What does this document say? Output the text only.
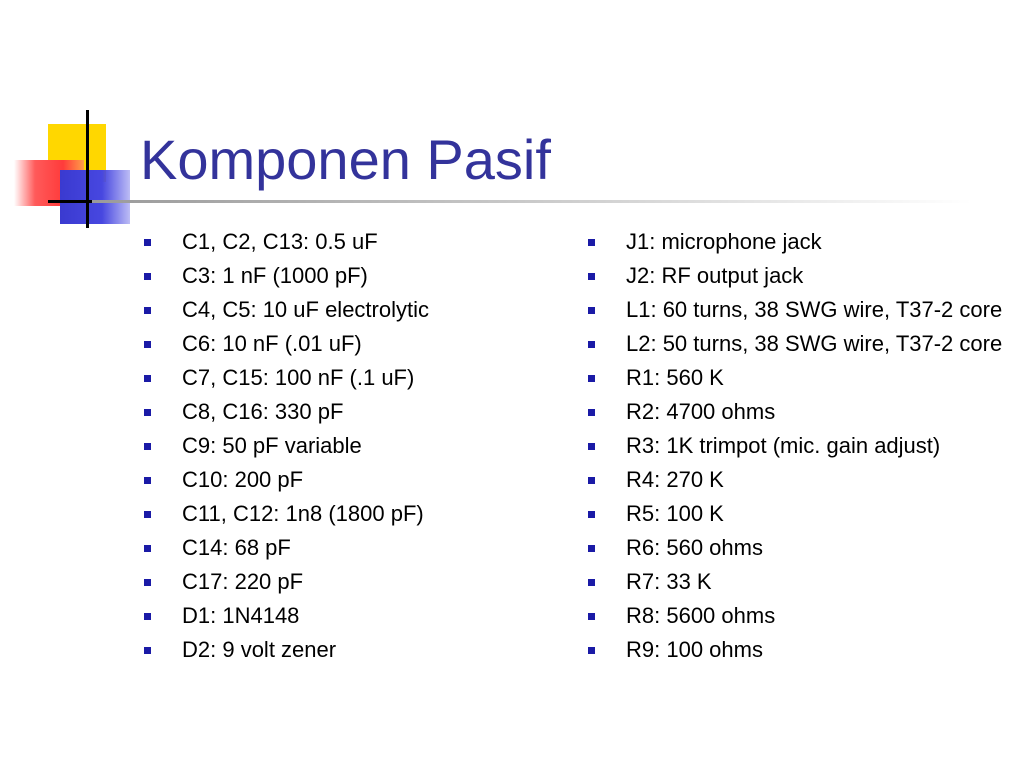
Komponen Pasif
C1, C2, C13: 0.5 uF
C3: 1 nF (1000 pF)
C4, C5: 10 uF electrolytic
C6: 10 nF (.01 uF)
C7, C15: 100 nF (.1 uF)
C8, C16: 330 pF
C9: 50 pF variable
C10: 200 pF
C11, C12: 1n8 (1800 pF)
C14: 68 pF
C17: 220 pF
D1: 1N4148
D2: 9 volt zener
J1: microphone jack
J2: RF output jack
L1: 60 turns, 38 SWG wire, T37-2 core
L2: 50 turns, 38 SWG wire, T37-2 core
R1: 560 K
R2: 4700 ohms
R3: 1K trimpot (mic. gain adjust)
R4: 270 K
R5: 100 K
R6: 560 ohms
R7: 33 K
R8: 5600 ohms
R9: 100 ohms
